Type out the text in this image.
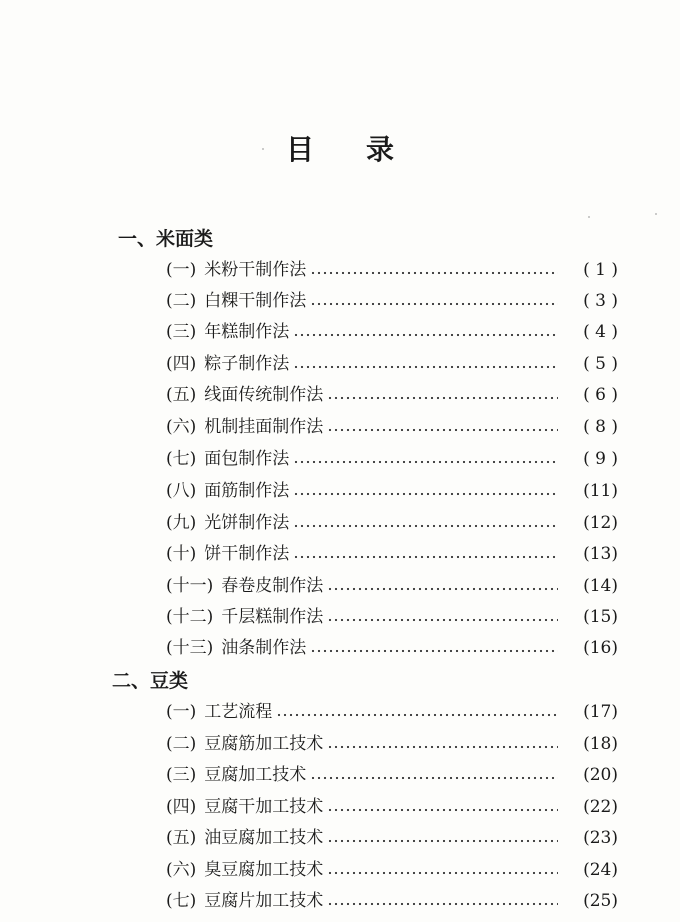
目 录
一、米面类
(一) 米粉干制作法	( 1 )
(二) 白粿干制作法	( 3 )
(三) 年糕制作法	( 4 )
(四) 粽子制作法	( 5 )
(五) 线面传统制作法	( 6 )
(六) 机制挂面制作法	( 8 )
(七) 面包制作法	( 9 )
(八) 面筋制作法	(11)
(九) 光饼制作法	(12)
(十) 饼干制作法	(13)
(十一) 春卷皮制作法	(14)
(十二) 千层糕制作法	(15)
(十三) 油条制作法	(16)
二、豆类
(一) 工艺流程	(17)
(二) 豆腐筋加工技术	(18)
(三) 豆腐加工技术	(20)
(四) 豆腐干加工技术	(22)
(五) 油豆腐加工技术	(23)
(六) 臭豆腐加工技术	(24)
(七) 豆腐片加工技术	(25)
